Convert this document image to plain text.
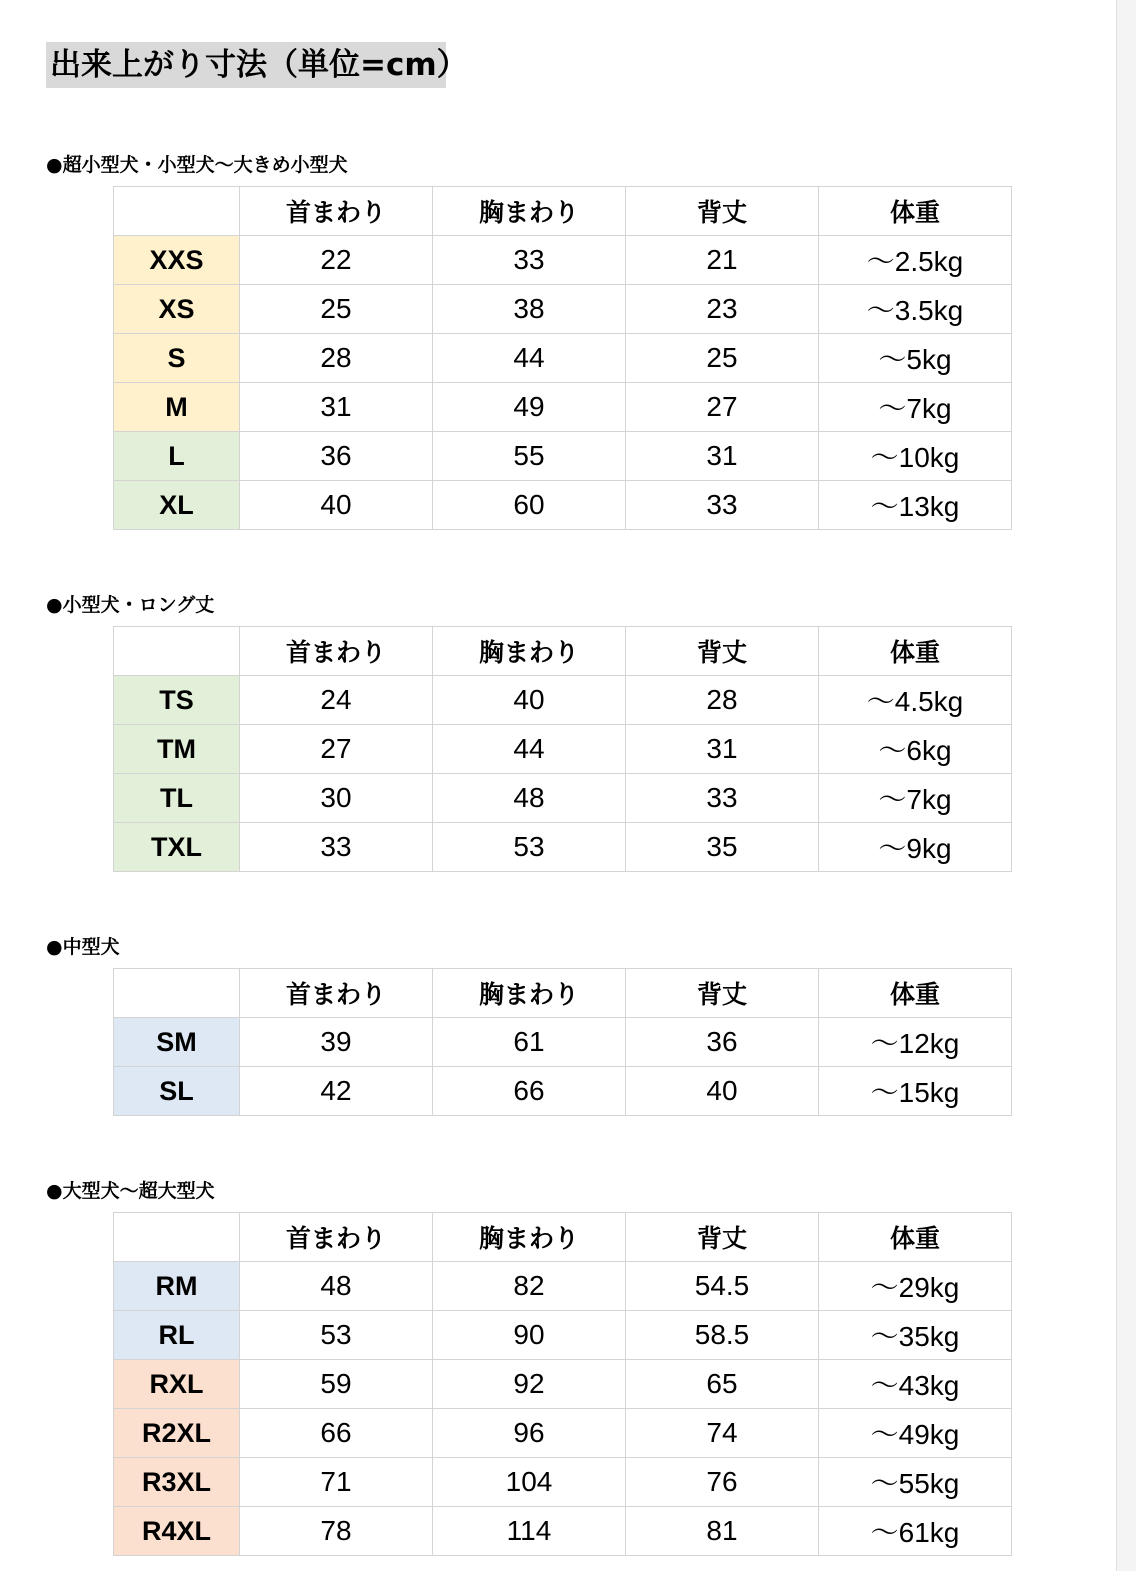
出来上がり寸法（単位=cm）
●超小型犬・小型犬～大きめ小型犬
	首まわり	胸まわり	背丈	体重
XXS	22	33	21	～2.5kg
XS	25	38	23	～3.5kg
S	28	44	25	～5kg
M	31	49	27	～7kg
L	36	55	31	～10kg
XL	40	60	33	～13kg
●小型犬・ロング丈
	首まわり	胸まわり	背丈	体重
TS	24	40	28	～4.5kg
TM	27	44	31	～6kg
TL	30	48	33	～7kg
TXL	33	53	35	～9kg
●中型犬
	首まわり	胸まわり	背丈	体重
SM	39	61	36	～12kg
SL	42	66	40	～15kg
●大型犬～超大型犬
	首まわり	胸まわり	背丈	体重
RM	48	82	54.5	～29kg
RL	53	90	58.5	～35kg
RXL	59	92	65	～43kg
R2XL	66	96	74	～49kg
R3XL	71	104	76	～55kg
R4XL	78	114	81	～61kg
